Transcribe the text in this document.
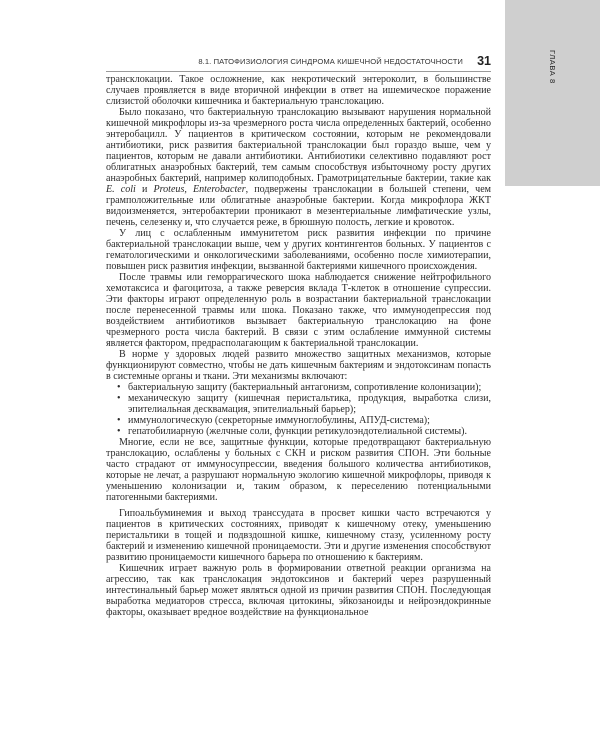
ГЛАВА 8
8.1. ПАТОФИЗИОЛОГИЯ СИНДРОМА КИШЕЧНОЙ НЕДОСТАТОЧНОСТИ 31

трансклокации. Такое осложнение, как некротический энтероколит, в большинстве случаев проявляется в виде вторичной инфекции в ответ на ишемическое поражение слизистой оболочки кишечника и бактериальную транслокацию.

Было показано, что бактериальную транслокацию вызывают нарушения нормальной кишечной микрофлоры из-за чрезмерного роста числа определенных бактерий, особенно энтеробацилл. У пациентов в критическом состоянии, которым не рекомендовали антибиотики, риск развития бактериальной транслокации был гораздо выше, чем у пациентов, которым не давали антибиотики. Антибиотики селективно подавляют рост облигатных анаэробных бактерий, тем самым способствуя избыточному росту других анаэробных бактерий, например колиподобных. Грамотрицательные бактерии, такие как E. coli и Proteus, Enterobacter, подвержены транслокации в большей степени, чем грамположительные или облигатные анаэробные бактерии. Когда микрофлора ЖКТ видоизменяется, энтеробактерии проникают в мезентериальные лимфатические узлы, печень, селезенку и, что случается реже, в брюшную полость, легкие и кровоток.

У лиц с ослабленным иммунитетом риск развития инфекции по причине бактериальной транслокации выше, чем у других контингентов больных. У пациентов с гематологическими и онкологическими заболеваниями, особенно после химиотерапии, повышен риск развития инфекции, вызванной бактериями кишечного происхождения.

После травмы или геморрагического шока наблюдается снижение нейтрофильного хемотаксиса и фагоцитоза, а также реверсия вклада Т-клеток в отношение супрессии. Эти факторы играют определенную роль в возрастании бактериальной транслокации после перенесенной травмы или шока. Показано также, что иммунодепрессия под воздействием антибиотиков вызывает бактериальную транслокацию на фоне чрезмерного роста числа бактерий. В связи с этим ослабление иммунной системы является фактором, предрасполагающим к бактериальной транслокации.

В норме у здоровых людей развито множество защитных механизмов, которые функционируют совместно, чтобы не дать кишечным бактериям и эндотоксинам попасть в системные органы и ткани. Эти механизмы включают:

• бактериальную защиту (бактериальный антагонизм, сопротивление колонизации);
• механическую защиту (кишечная перистальтика, продукция, выработка слизи, эпителиальная десквамация, эпителиальный барьер);
• иммунологическую (секреторные иммуноглобулины, АПУД-система);
• гепатобилиарную (желчные соли, функции ретикулоэндотелиальной системы).

Многие, если не все, защитные функции, которые предотвращают бактериальную транслокацию, ослаблены у больных с СКН и риском развития СПОН. Эти больные часто страдают от иммуносупрессии, введения большого количества антибиотиков, которые не лечат, а разрушают нормальную экологию кишечной микрофлоры, приводя к уменьшению колонизации и, таким образом, к переселению потенциальными патогенными бактериями.

Гипоальбуминемия и выход транссудата в просвет кишки часто встречаются у пациентов в критических состояниях, приводят к кишечному отеку, уменьшению перистальтики в тощей и подвздошной кишке, кишечному стазу, усиленному росту бактерий и изменению кишечной проницаемости. Эти и другие изменения способствуют развитию проницаемости кишечного барьера по отношению к бактериям.

Кишечник играет важную роль в формировании ответной реакции организма на агрессию, так как транслокация эндотоксинов и бактерий через разрушенный интестинальный барьер может являться одной из причин развития СПОН. Последующая выработка медиаторов стресса, включая цитокины, эйкозаноиды и нейроэндокринные факторы, оказывает вредное воздействие на функциональное
